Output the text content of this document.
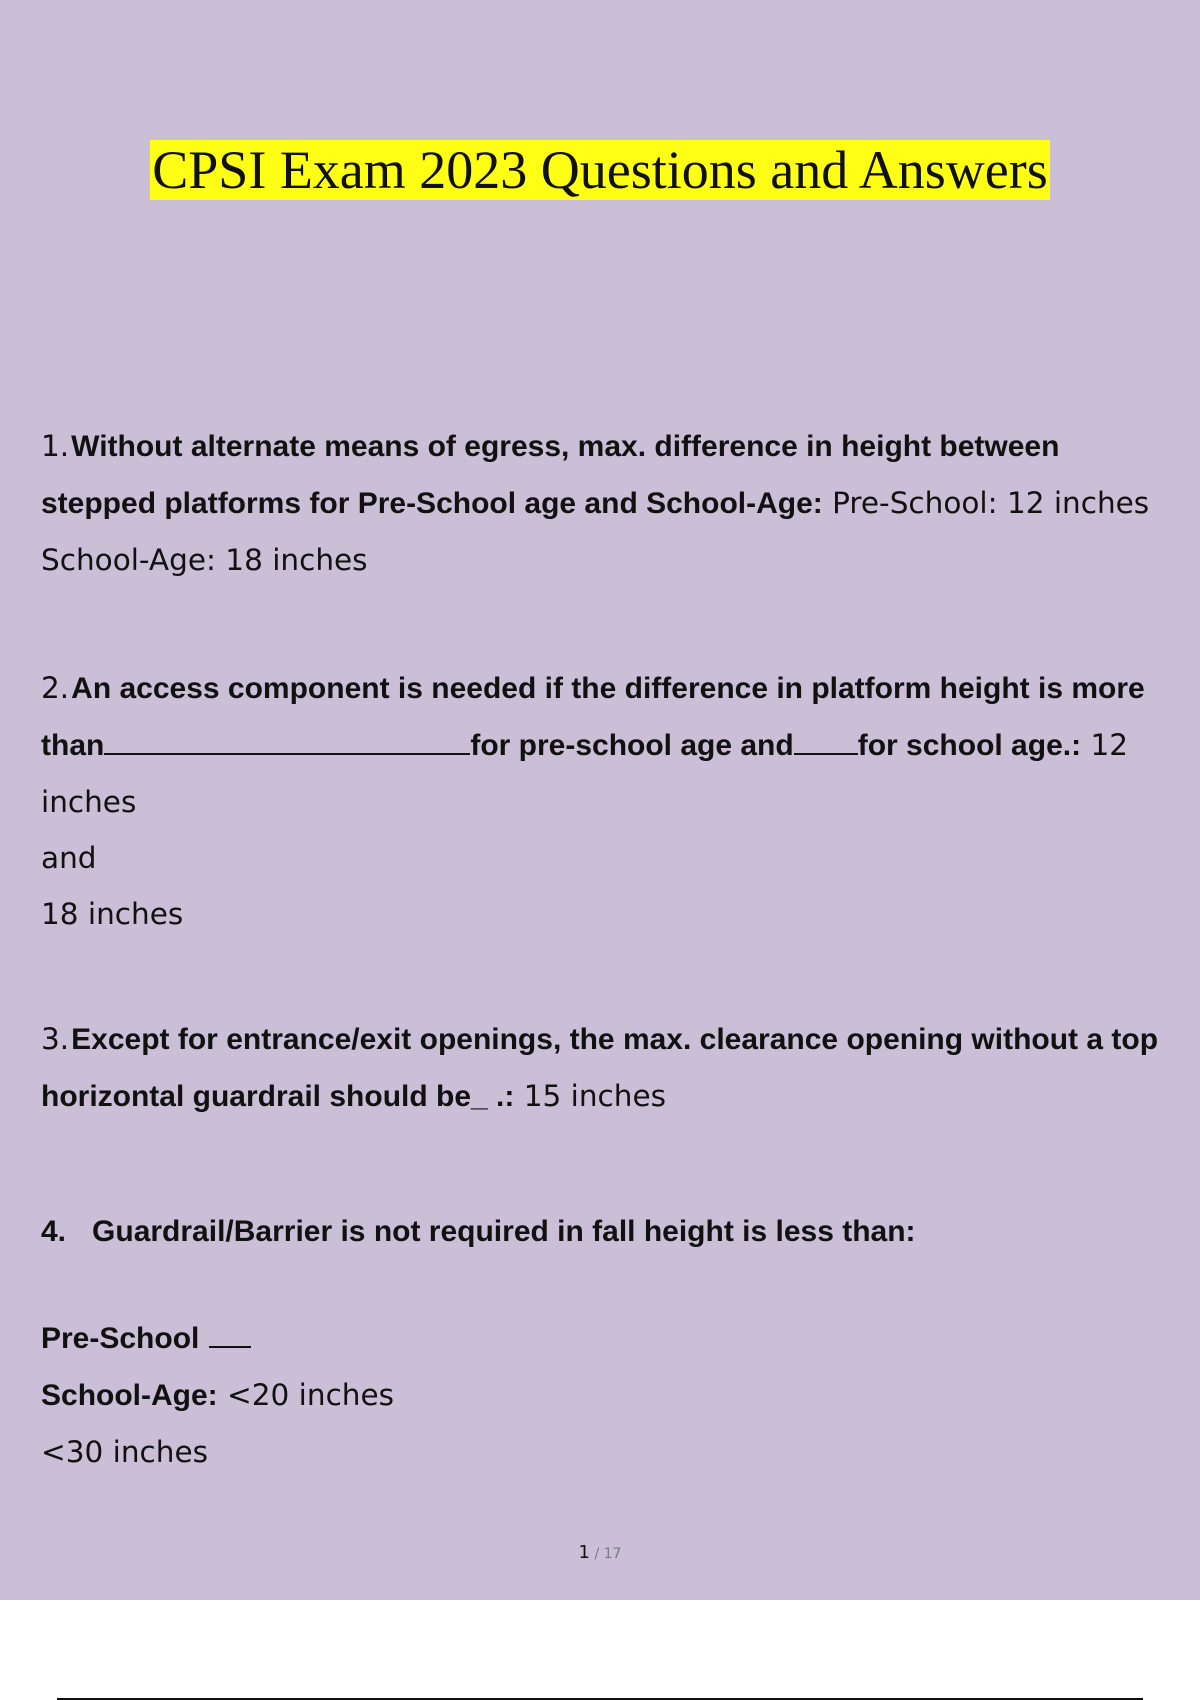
CPSI Exam 2023 Questions and Answers
1.Without alternate means of egress, max. difference in height between stepped platforms for Pre-School age and School-Age: Pre-School: 12 inches School-Age: 18 inches
2.An access component is needed if the difference in platform height is more than	for pre-school age and for school age.: 12 inches
and
18 inches
3.Except for entrance/exit openings, the max. clearance opening without a top horizontal guardrail should be_ .: 15 inches
4. Guardrail/Barrier is not required in fall height is less than:
Pre-School
School-Age: <20 inches
<30 inches
1 / 17
